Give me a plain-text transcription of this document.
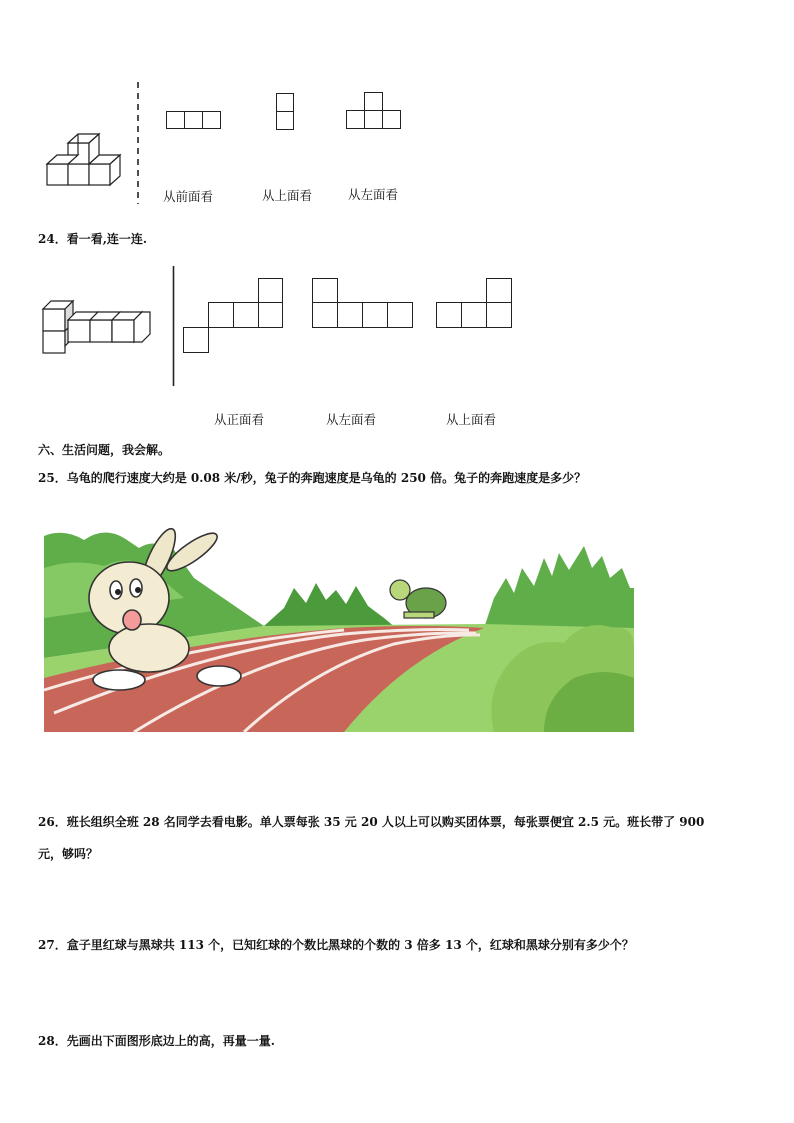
从前面看	从上面看	从左面看
24．看一看,连一连.
从正面看	从左面看	从上面看
六、生活问题，我会解。
25．乌龟的爬行速度大约是 0.08 米/秒，兔子的奔跑速度是乌龟的 250 倍。兔子的奔跑速度是多少？
26．班长组织全班 28 名同学去看电影。单人票每张 35 元 20 人以上可以购买团体票，每张票便宜 2.5 元。班长带了 900
元，够吗？
27．盒子里红球与黑球共 113 个，已知红球的个数比黑球的个数的 3 倍多 13 个，红球和黑球分别有多少个？
28．先画出下面图形底边上的高，再量一量.
